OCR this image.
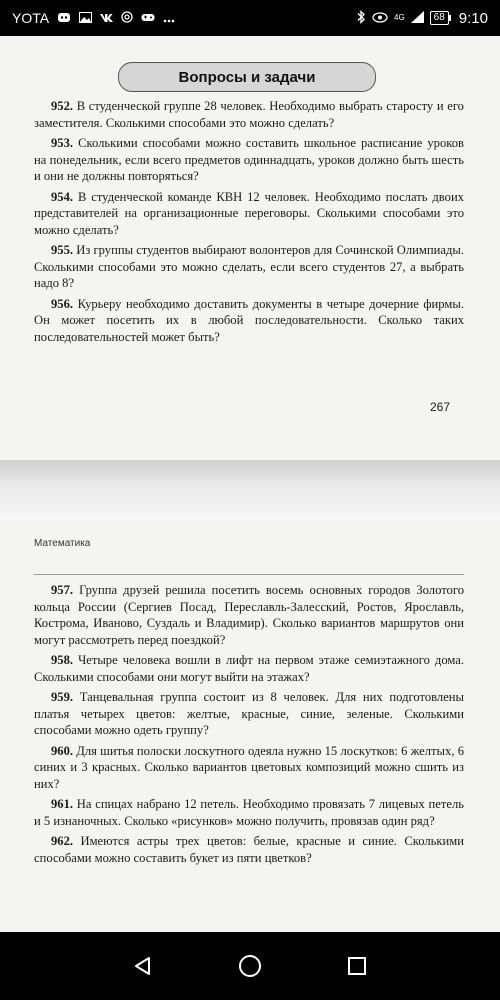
YOTA	4G	68 9:10
Вопросы и задачи

952. В студенческой группе 28 человек. Необходимо выбрать старосту и его заместителя. Сколькими способами это можно сделать?

953. Сколькими способами можно составить школьное расписание уроков на понедельник, если всего предметов одиннадцать, уроков должно быть шесть и они не должны повторяться?

954. В студенческой команде КВН 12 человек. Необходимо послать двоих представителей на организационные переговоры. Сколькими способами это можно сделать?

955. Из группы студентов выбирают волонтеров для Сочинской Олимпиады. Сколькими способами это можно сделать, если всего студентов 27, а выбрать надо 8?

956. Курьеру необходимо доставить документы в четыре дочерние фирмы. Он может посетить их в любой последовательности. Сколько таких последовательностей может быть?

267
Математика

957. Группа друзей решила посетить восемь основных городов Золотого кольца России (Сергиев Посад, Переславль-Залесский, Ростов, Ярославль, Кострома, Иваново, Суздаль и Владимир). Сколько вариантов маршрутов они могут рассмотреть перед поездкой?

958. Четыре человека вошли в лифт на первом этаже семиэтажного дома. Сколькими способами они могут выйти на этажах?

959. Танцевальная группа состоит из 8 человек. Для них подготовлены платья четырех цветов: желтые, красные, синие, зеленые. Сколькими способами можно одеть группу?

960. Для шитья полоски лоскутного одеяла нужно 15 лоскутков: 6 желтых, 6 синих и 3 красных. Сколько вариантов цветовых композиций можно сшить из них?

961. На спицах набрано 12 петель. Необходимо провязать 7 лицевых петель и 5 изнаночных. Сколько «рисунков» можно получить, провязав один ряд?

962. Имеются астры трех цветов: белые, красные и синие. Сколькими способами можно составить букет из пяти цветков?
